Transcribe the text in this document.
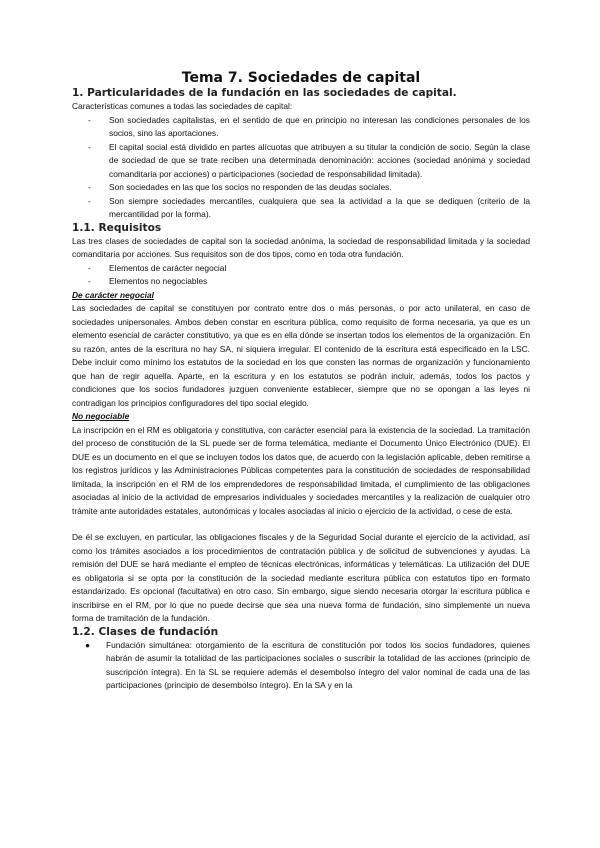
Tema 7. Sociedades de capital
1. Particularidades de la fundación en las sociedades de capital.

Características comunes a todas las sociedades de capital:

- Son sociedades capitalistas, en el sentido de que en principio no interesan las condiciones personales de los socios, sino las aportaciones.
- El capital social está dividido en partes alícuotas que atribuyen a su titular la condición de socio. Según la clase de sociedad de que se trate reciben una determinada denominación: acciones (sociedad anónima y sociedad comanditaria por acciones) o participaciones (sociedad de responsabilidad limitada).
- Son sociedades en las que los socios no responden de las deudas sociales.
- Son siempre sociedades mercantiles, cualquiera que sea la actividad a la que se dediquen (criterio de la mercantilidad por la forma).
1.1. Requisitos

Las tres clases de sociedades de capital son la sociedad anónima, la sociedad de responsabilidad limitada y la sociedad comanditaria por acciones. Sus requisitos son de dos tipos, como en toda otra fundación.

- Elementos de carácter negocial
- Elementos no negociables

De carácter negocial

Las sociedades de capital se constituyen por contrato entre dos o más personas, o por acto unilateral, en caso de sociedades unipersonales. Ambos deben constar en escritura pública, como requisito de forma necesaria, ya que es un elemento esencial de carácter constitutivo, ya que es en ella dónde se insertan todos los elementos de la organización. En su razón, antes de la escritura no hay SA, ni siquiera irregular. El contenido de la escritura está especificado en la LSC. Debe incluir como mínimo los estatutos de la sociedad en los que consten las normas de organización y funcionamiento que han de regir aquella. Aparte, en la escritura y en los estatutos se podrán incluir, además, todos los pactos y condiciones que los socios fundadores juzguen conveniente establecer, siempre que no se opongan a las leyes ni contradigan los principios configuradores del tipo social elegido.

No negociable

La inscripción en el RM es obligatoria y constitutiva, con carácter esencial para la existencia de la sociedad. La tramitación del proceso de constitución de la SL puede ser de forma telemática, mediante el Documento Único Electrónico (DUE). El DUE es un documento en el que se incluyen todos los datos que, de acuerdo con la legislación aplicable, deben remitirse a los registros jurídicos y las Administraciones Públicas competentes para la constitución de sociedades de responsabilidad limitada, la inscripción en el RM de los emprendedores de responsabilidad limitada, el cumplimiento de las obligaciones asociadas al inicio de la actividad de empresarios individuales y sociedades mercantiles y la realización de cualquier otro trámite ante autoridades estatales, autonómicas y locales asociadas al inicio o ejercicio de la actividad, o cese de esta.

De él se excluyen, en particular, las obligaciones fiscales y de la Seguridad Social durante el ejercicio de la actividad, así como los trámites asociados a los procedimientos de contratación pública y de solicitud de subvenciones y ayudas. La remisión del DUE se hará mediante el empleo de técnicas electrónicas, informáticas y telemáticas. La utilización del DUE es obligatoria si se opta por la constitución de la sociedad mediante escritura pública con estatutos tipo en formato estandarizado. Es opcional (facultativa) en otro caso. Sin embargo, sigue siendo necesaria otorgar la escritura pública e inscribirse en el RM, por lo que no puede decirse que sea una nueva forma de fundación, sino simplemente un nueva forma de tramitación de la fundación.

1.2. Clases de fundación
● Fundación simultánea: otorgamiento de la escritura de constitución por todos los socios fundadores, quienes habrán de asumir la totalidad de las participaciones sociales o suscribir la totalidad de las acciones (principio de suscripción íntegra). En la SL se requiere además el desembolso íntegro del valor nominal de cada una de las participaciones (principio de desembolso íntegro). En la SA y en la
